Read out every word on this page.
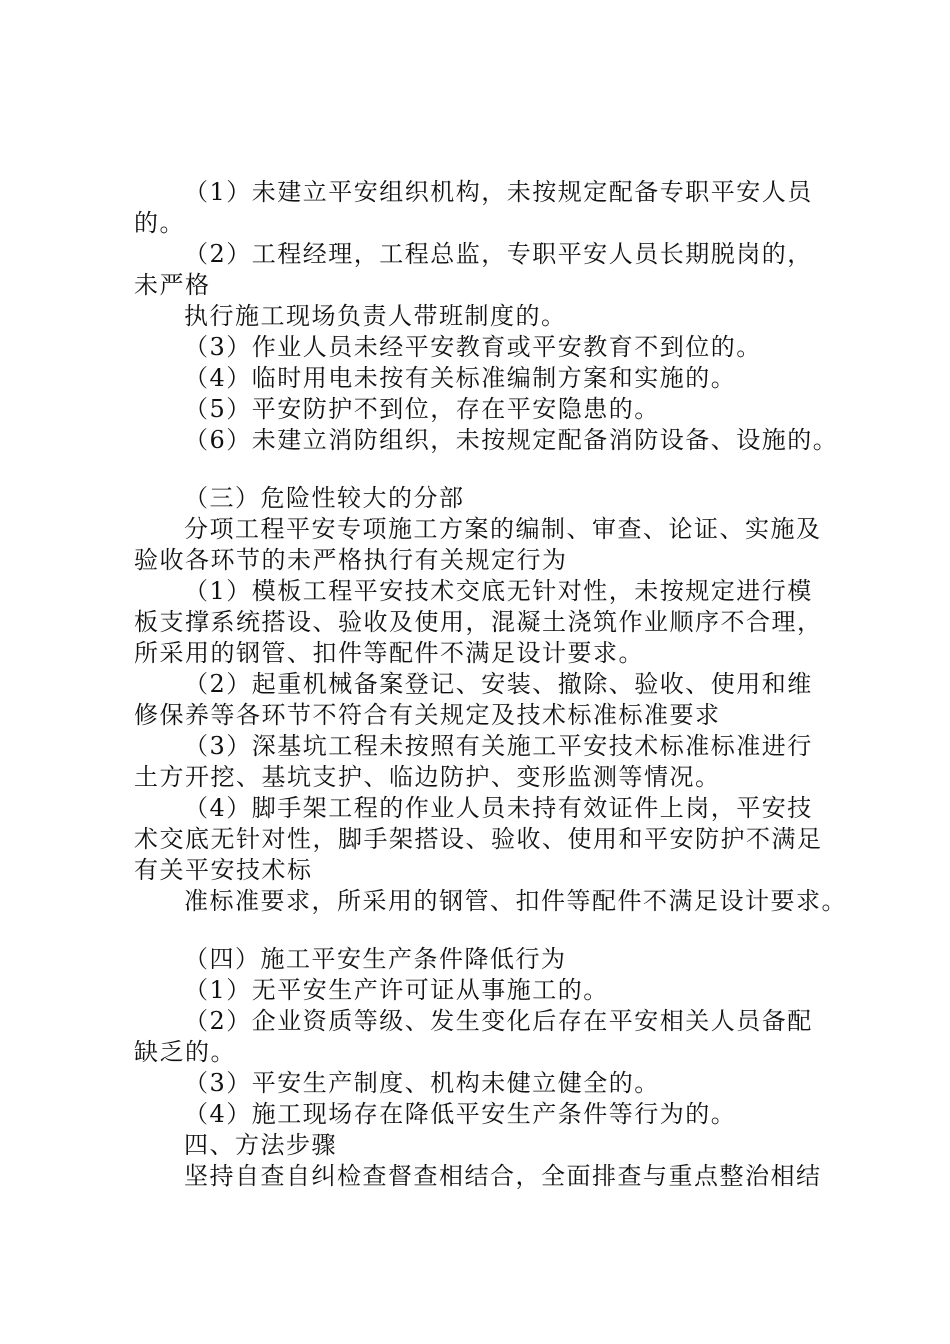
（1）未建立平安组织机构，未按规定配备专职平安人员
的。
（2）工程经理，工程总监，专职平安人员长期脱岗的，
未严格
执行施工现场负责人带班制度的。
（3）作业人员未经平安教育或平安教育不到位的。
（4）临时用电未按有关标准编制方案和实施的。
（5）平安防护不到位，存在平安隐患的。
（6）未建立消防组织，未按规定配备消防设备、设施的。
（三）危险性较大的分部
分项工程平安专项施工方案的编制、审查、论证、实施及
验收各环节的未严格执行有关规定行为
（1）模板工程平安技术交底无针对性，未按规定进行模
板支撑系统搭设、验收及使用，混凝土浇筑作业顺序不合理，
所采用的钢管、扣件等配件不满足设计要求。
（2）起重机械备案登记、安装、撤除、验收、使用和维
修保养等各环节不符合有关规定及技术标准标准要求
（3）深基坑工程未按照有关施工平安技术标准标准进行
土方开挖、基坑支护、临边防护、变形监测等情况。
（4）脚手架工程的作业人员未持有效证件上岗，平安技
术交底无针对性，脚手架搭设、验收、使用和平安防护不满足
有关平安技术标
准标准要求，所采用的钢管、扣件等配件不满足设计要求。
（四）施工平安生产条件降低行为
（1）无平安生产许可证从事施工的。
（2）企业资质等级、发生变化后存在平安相关人员备配
缺乏的。
（3）平安生产制度、机构未健立健全的。
（4）施工现场存在降低平安生产条件等行为的。
四、方法步骤
坚持自查自纠检查督查相结合，全面排查与重点整治相结
